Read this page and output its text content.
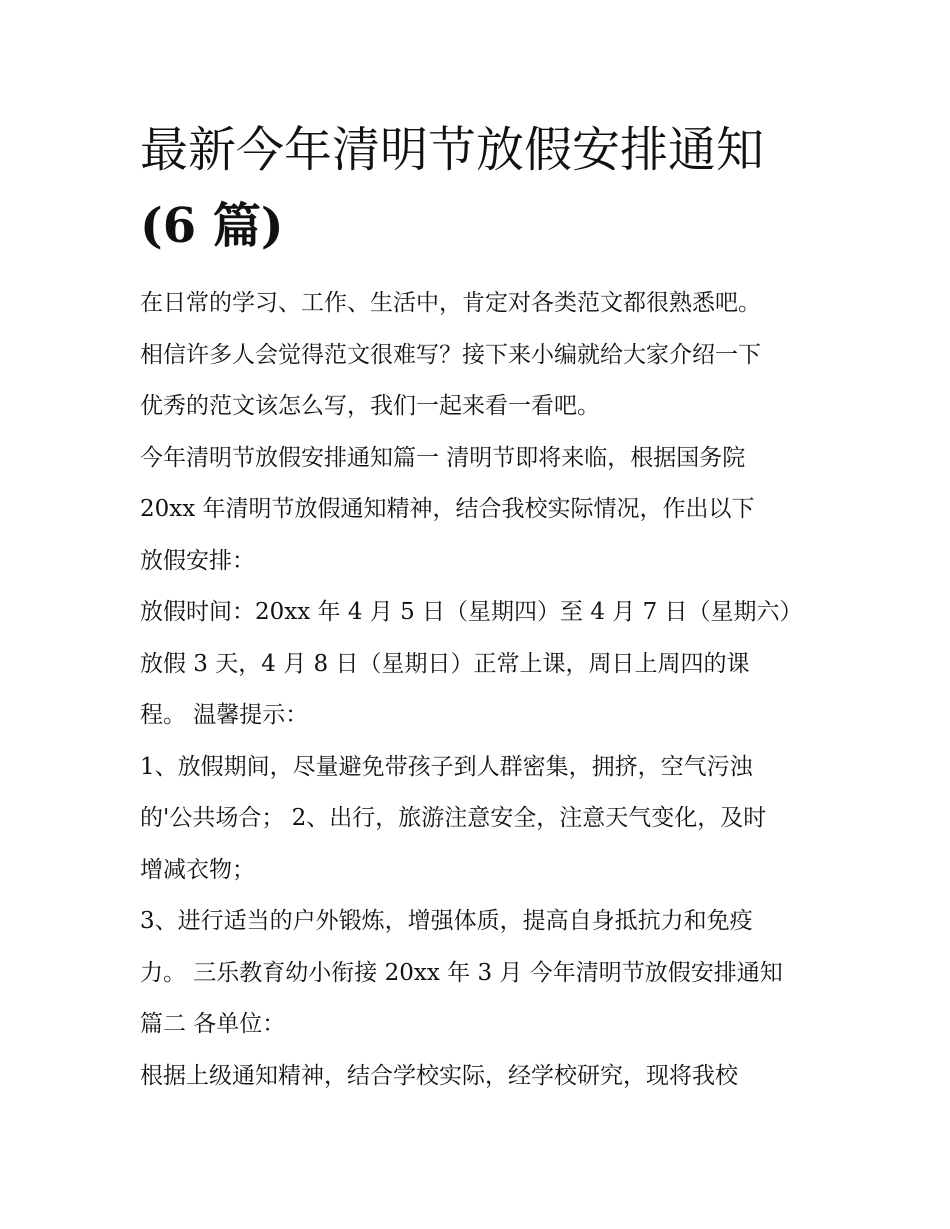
最新今年清明节放假安排通知
(6 篇)
在日常的学习、工作、生活中，肯定对各类范文都很熟悉吧。
相信许多人会觉得范文很难写？接下来小编就给大家介绍一下
优秀的范文该怎么写，我们一起来看一看吧。
今年清明节放假安排通知篇一 清明节即将来临，根据国务院
20xx 年清明节放假通知精神，结合我校实际情况，作出以下
放假安排：
放假时间：20xx 年 4 月 5 日（星期四）至 4 月 7 日（星期六）
放假 3 天，4 月 8 日（星期日）正常上课，周日上周四的课
程。 温馨提示：
1、放假期间，尽量避免带孩子到人群密集，拥挤，空气污浊
的'公共场合； 2、出行，旅游注意安全，注意天气变化，及时
增减衣物；
3、进行适当的户外锻炼，增强体质，提高自身抵抗力和免疫
力。 三乐教育幼小衔接 20xx 年 3 月 今年清明节放假安排通知
篇二 各单位：
根据上级通知精神，结合学校实际，经学校研究，现将我校
